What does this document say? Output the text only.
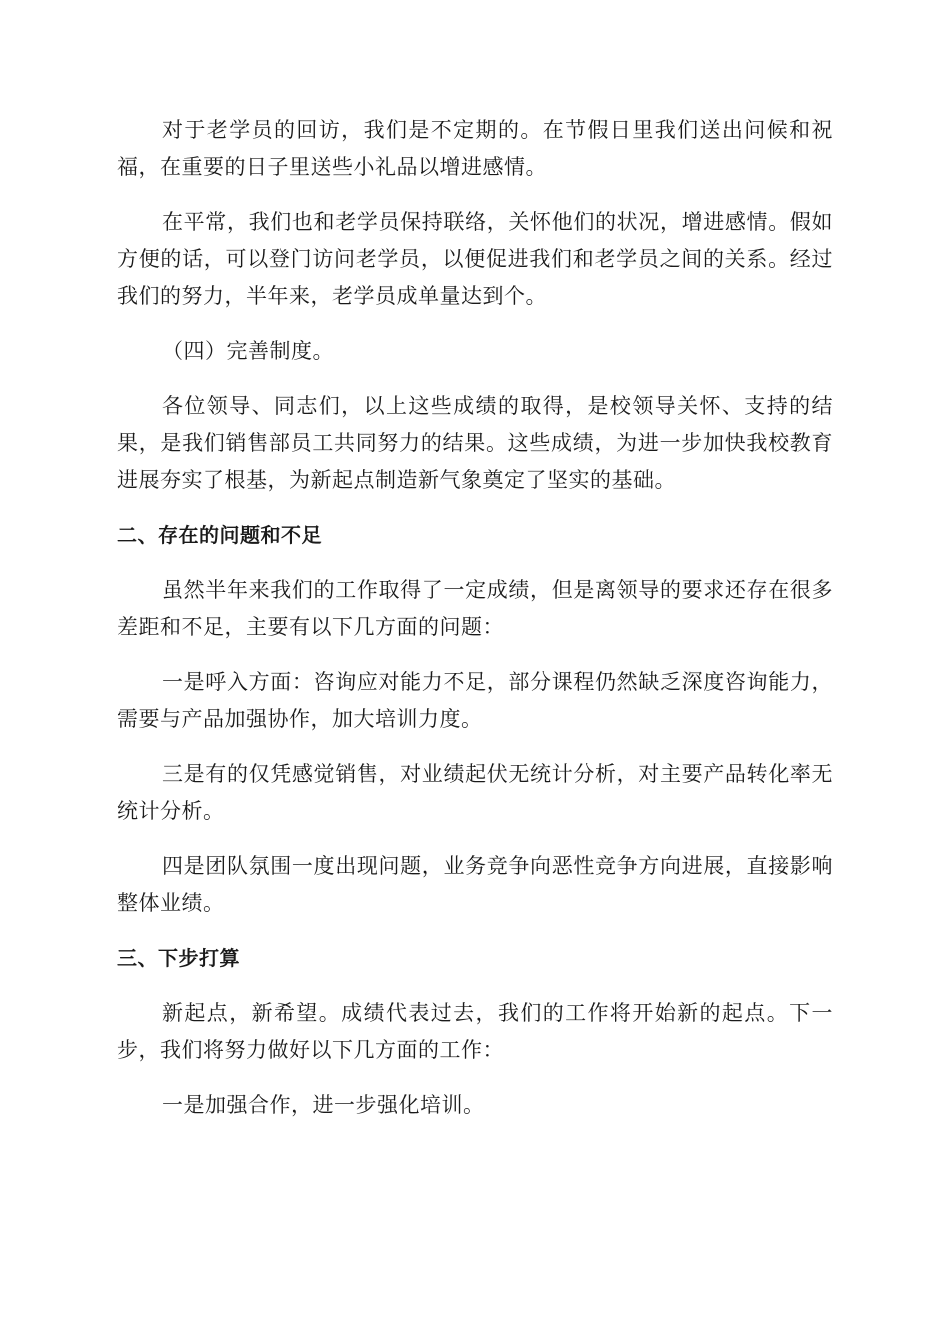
对于老学员的回访，我们是不定期的。在节假日里我们送出问候和祝福，在重要的日子里送些小礼品以增进感情。

在平常，我们也和老学员保持联络，关怀他们的状况，增进感情。假如方便的话，可以登门访问老学员，以便促进我们和老学员之间的关系。经过我们的努力，半年来，老学员成单量达到个。

（四）完善制度。

各位领导、同志们，以上这些成绩的取得，是校领导关怀、支持的结果，是我们销售部员工共同努力的结果。这些成绩，为进一步加快我校教育进展夯实了根基，为新起点制造新气象奠定了坚实的基础。

二、存在的问题和不足

虽然半年来我们的工作取得了一定成绩，但是离领导的要求还存在很多差距和不足，主要有以下几方面的问题：

一是呼入方面：咨询应对能力不足，部分课程仍然缺乏深度咨询能力，需要与产品加强协作，加大培训力度。

三是有的仅凭感觉销售，对业绩起伏无统计分析，对主要产品转化率无统计分析。

四是团队氛围一度出现问题，业务竞争向恶性竞争方向进展，直接影响整体业绩。

三、下步打算

新起点，新希望。成绩代表过去，我们的工作将开始新的起点。下一步，我们将努力做好以下几方面的工作：

一是加强合作，进一步强化培训。
